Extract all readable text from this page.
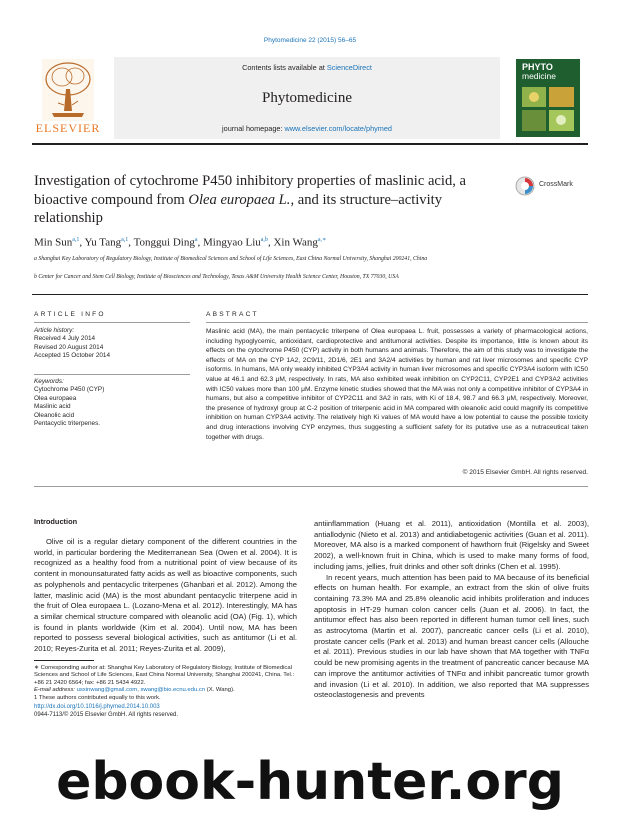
Phytomedicine 22 (2015) 56–65
ELSEVIER
Contents lists available at ScienceDirect
Phytomedicine
journal homepage: www.elsevier.com/locate/phymed
PHYTO
medicine
Investigation of cytochrome P450 inhibitory properties of maslinic acid, a bioactive compound from Olea europaea L., and its structure–activity relationship
CrossMark
Min Sun$^{a,1}$, Yu Tang$^{a,1}$, Tonggui Ding$^a$, Mingyao Liu$^{a,b}$, Xin Wang$^{a,∗}$
a Shanghai Key Laboratory of Regulatory Biology, Institute of Biomedical Sciences and School of Life Sciences, East China Normal University, Shanghai 200241, China
b Center for Cancer and Stem Cell Biology, Institute of Biosciences and Technology, Texas A&M University Health Science Center, Houston, TX 77030, USA
ARTICLE INFO
Article history:
Received 4 July 2014
Revised 20 August 2014
Accepted 15 October 2014
Keywords:
Cytochrome P450 (CYP)
Olea europaea
Maslinic acid
Oleanolic acid
Pentacyclic triterpenes.
ABSTRACT
Maslinic acid (MA), the main pentacyclic triterpene of Olea europaea L. fruit, possesses a variety of pharmacological actions, including hypoglycemic, antioxidant, cardioprotective and antitumoral activities. Despite its importance, little is known about its effects on the cytochrome P450 (CYP) activity in both humans and animals. Therefore, the aim of this study was to investigate the effects of MA on the CYP 1A2, 2C9/11, 2D1/6, 2E1 and 3A2/4 activities by human and rat liver microsomes and specific CYP isoforms. In humans, MA only weakly inhibited CYP3A4 activity in human liver microsomes and specific CYP3A4 isoform with IC50 value at 46.1 and 62.3 μM, respectively. In rats, MA also exhibited weak inhibition on CYP2C11, CYP2E1 and CYP3A2 activities with IC50 values more than 100 μM. Enzyme kinetic studies showed that the MA was not only a competitive inhibitor of CYP3A4 in humans, but also a competitive inhibitor of CYP2C11 and 3A2 in rats, with Ki of 18.4, 98.7 and 66.3 μM, respectively. Moreover, the presence of hydroxyl group at C-2 position of triterpenic acid in MA compared with oleanolic acid could magnify its competitive inhibition on human CYP3A4 activity. The relatively high Ki values of MA would have a low potential to cause the possible toxicity and drug interactions involving CYP enzymes, thus suggesting a sufficient safety for its putative use as a nutraceutical taken together with drugs.
© 2015 Elsevier GmbH. All rights reserved.
Introduction

Olive oil is a regular dietary component of the different countries in the world, in particular bordering the Mediterranean Sea (Owen et al. 2004). It is recognized as a healthy food from a nutritional point of view because of its content in monounsaturated fatty acids as well as bioactive components, such as polyphenols and pentacyclic triterpenes (Ghanbari et al. 2012). Among the latter, maslinic acid (MA) is the most abundant pentacyclic triterpene acid in the fruit of Olea europaea L. (Lozano-Mena et al. 2012). Interestingly, MA has a similar chemical structure compared with oleanolic acid (OA) (Fig. 1), which is found in plants worldwide (Kim et al. 2004). Until now, MA has been reported to possess several biological activities, such as antitumor (Li et al. 2010; Reyes-Zurita et al. 2011; Reyes-Zurita et al. 2009),

antiinflammation (Huang et al. 2011), antioxidation (Montilla et al. 2003), antiallodynic (Nieto et al. 2013) and antidiabetogenic activities (Guan et al. 2011). Moreover, MA also is a marked component of hawthorn fruit (Rigelsky and Sweet 2002), a well-known fruit in China, which is used to make many forms of food, including jams, jellies, fruit drinks and other soft drinks (Chen et al. 1995).

In recent years, much attention has been paid to MA because of its beneficial effects on human health. For example, an extract from the skin of olive fruits containing 73.3% MA and 25.8% oleanolic acid inhibits proliferation and induces apoptosis in HT-29 human colon cancer cells (Juan et al. 2006). In fact, the antitumor effect has also been reported in different human tumor cell lines, such as astrocytoma (Martin et al. 2007), pancreatic cancer cells (Li et al. 2010), prostate cancer cells (Park et al. 2013) and human breast cancer cells (Allouche et al. 2011). Previous studies in our lab have shown that MA together with TNFα could be new promising agents in the treatment of pancreatic cancer because MA can improve the antitumor activities of TNFα and inhibit pancreatic tumor growth and invasion (Li et al. 2010). In addition, we also reported that MA suppresses osteoclastogenesis and prevents

∗ Corresponding author at: Shanghai Key Laboratory of Regulatory Biology, Institute of Biomedical Sciences and School of Life Sciences, East China Normal University, Shanghai 200241, China. Tel.: +86 21 2420 6564; fax: +86 21 5434 4922.
E-mail address: usxinwang@gmail.com, xwang@bio.ecnu.edu.cn (X. Wang).
1 These authors contributed equally to this work.
http://dx.doi.org/10.1016/j.phymed.2014.10.003
0944-7113/© 2015 Elsevier GmbH. All rights reserved.
ebook-hunter.org
